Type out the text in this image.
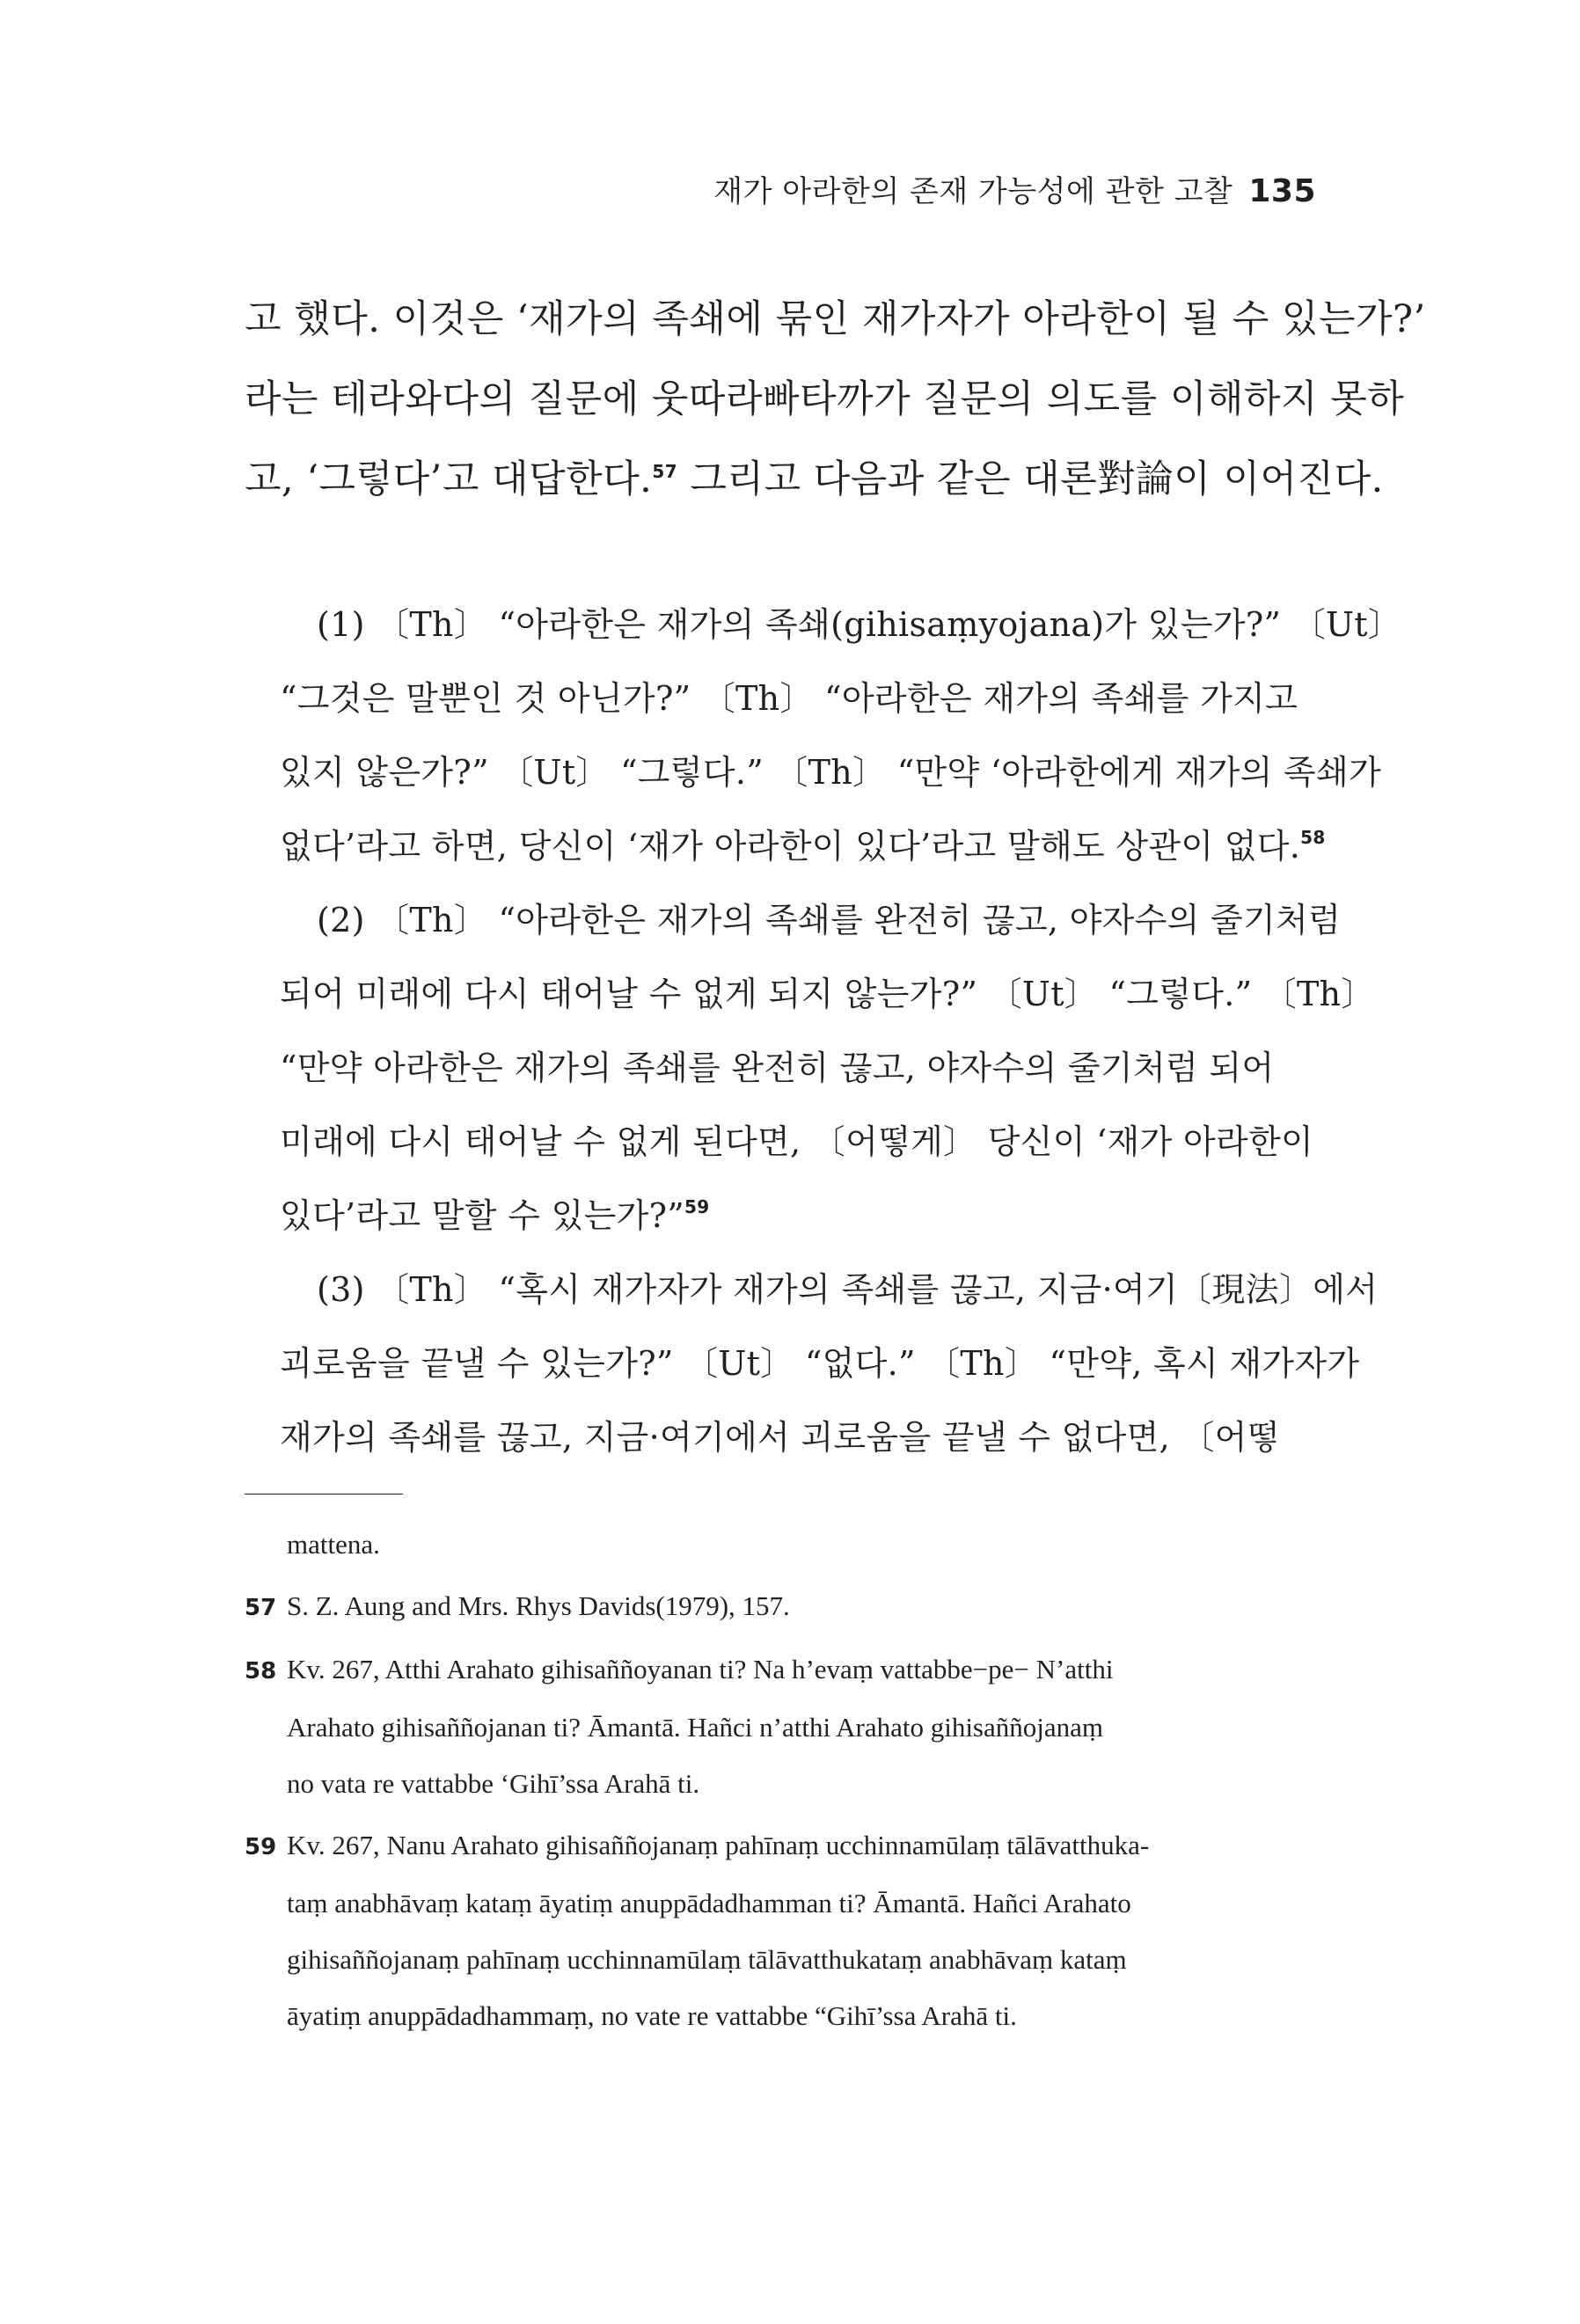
재가 아라한의 존재 가능성에 관한 고찰 135
고 했다. 이것은 ‘재가의 족쇄에 묶인 재가자가 아라한이 될 수 있는가?’
라는 테라와다의 질문에 웃따라빠타까가 질문의 의도를 이해하지 못하
고, ‘그렇다’고 대답한다.$^{57}$ 그리고 다음과 같은 대론對論이 이어진다.
(1) 〔Th〕 “아라한은 재가의 족쇄(gihisaṃyojana)가 있는가?” 〔Ut〕
“그것은 말뿐인 것 아닌가?” 〔Th〕 “아라한은 재가의 족쇄를 가지고
있지 않은가?” 〔Ut〕 “그렇다.” 〔Th〕 “만약 ‘아라한에게 재가의 족쇄가
없다’라고 하면, 당신이 ‘재가 아라한이 있다’라고 말해도 상관이 없다.$^{58}$
(2) 〔Th〕 “아라한은 재가의 족쇄를 완전히 끊고, 야자수의 줄기처럼
되어 미래에 다시 태어날 수 없게 되지 않는가?” 〔Ut〕 “그렇다.” 〔Th〕
“만약 아라한은 재가의 족쇄를 완전히 끊고, 야자수의 줄기처럼 되어
미래에 다시 태어날 수 없게 된다면, 〔어떻게〕 당신이 ‘재가 아라한이
있다’라고 말할 수 있는가?”$^{59}$
(3) 〔Th〕 “혹시 재가자가 재가의 족쇄를 끊고, 지금·여기〔現法〕에서
괴로움을 끝낼 수 있는가?” 〔Ut〕 “없다.” 〔Th〕 “만약, 혹시 재가자가
재가의 족쇄를 끊고, 지금·여기에서 괴로움을 끝낼 수 없다면, 〔어떻
mattena.
57 S. Z. Aung and Mrs. Rhys Davids(1979), 157.
58 Kv. 267, Atthi Arahato gihisaññoyanan ti? Na h’evaṃ vattabbe−pe− N’atthi
Arahato gihisaññojanan ti? Āmantā. Hañci n’atthi Arahato gihisaññojanaṃ
no vata re vattabbe ‘Gihī’ssa Arahā ti.
59 Kv. 267, Nanu Arahato gihisaññojanaṃ pahīnaṃ ucchinnamūlaṃ tālāvatthuka-
taṃ anabhāvaṃ kataṃ āyatiṃ anuppādadhamman ti? Āmantā. Hañci Arahato
gihisaññojanaṃ pahīnaṃ ucchinnamūlaṃ tālāvatthukataṃ anabhāvaṃ kataṃ
āyatiṃ anuppādadhammaṃ, no vate re vattabbe “Gihī’ssa Arahā ti.
